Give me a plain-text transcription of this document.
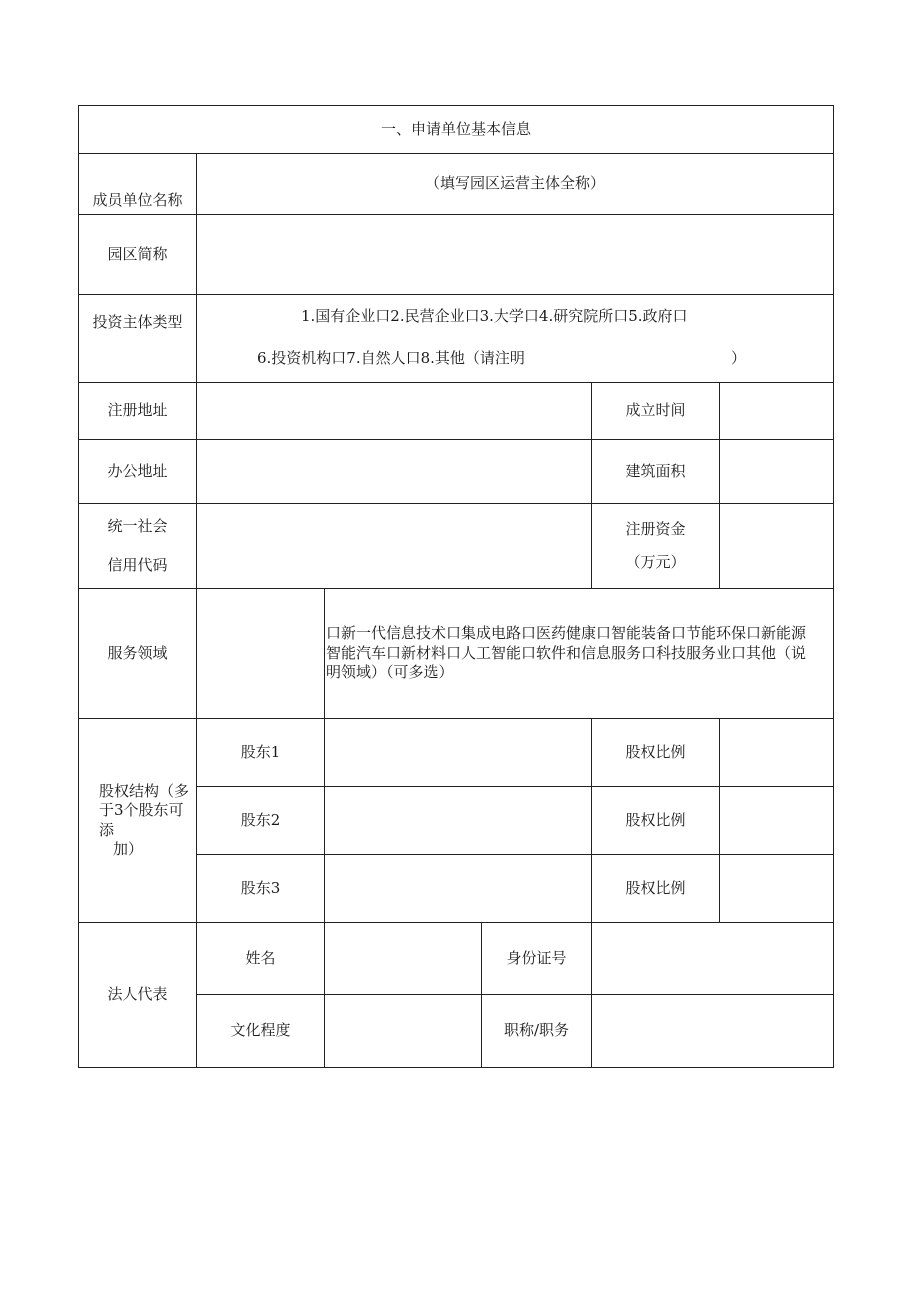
一、申请单位基本信息					
成员单位名称	（填写园区运营主体全称）				
园区简称					
投资主体类型	1.国有企业口2.民营企业口3.大学口4.研究院所口5.政府口
6.投资机构口7.自然人口8.其他（请注明 ）				

注册地址				成立时间	
办公地址				建筑面积	

统一社会
信用代码				注册资金
（万元）	

服务领域		口新一代信息技术口集成电路口医药健康口智能装备口节能环保口新能源
智能汽车口新材料口人工智能口软件和信息服务口科技服务业口其他（说
明领域）（可多选）			

股权结构（多
于3个股东可
添
加）	股东1			股权比例	
	股东2			股权比例	
	股东3			股权比例	
法人代表	姓名		身份证号		
	文化程度		职称/职务		
